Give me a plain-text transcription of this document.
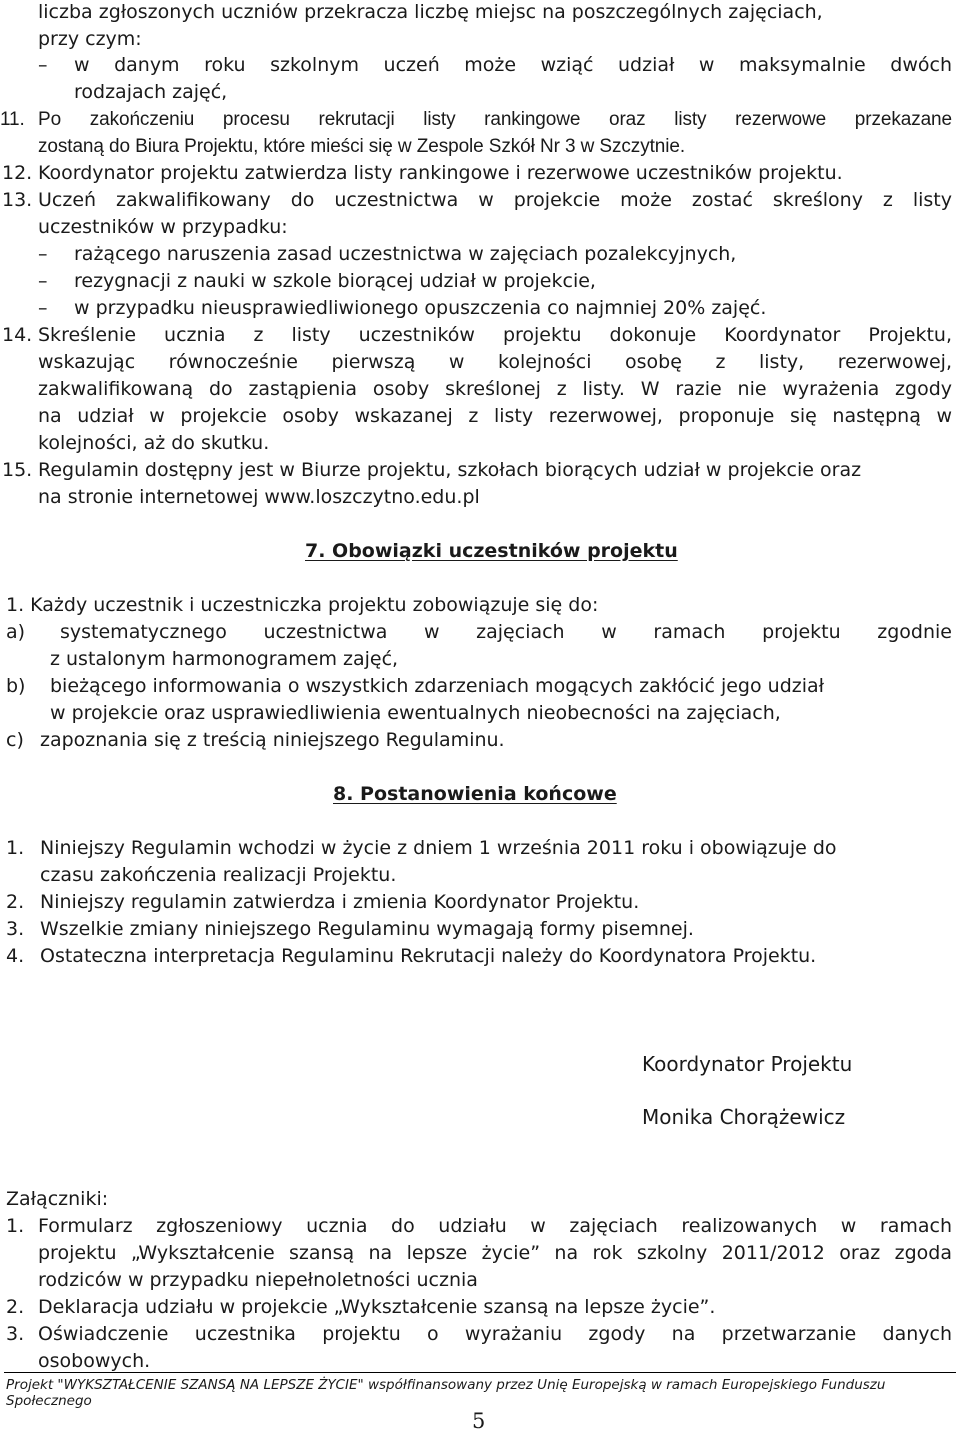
liczba zgłoszonych uczniów przekracza liczbę miejsc na poszczególnych zajęciach,
przy czym:
– w danym roku szkolnym uczeń może wziąć udział w maksymalnie dwóch
rodzajach zajęć,
11. Po zakończeniu procesu rekrutacji listy rankingowe oraz listy rezerwowe przekazane
zostaną do Biura Projektu, które mieści się w Zespole Szkół Nr 3 w Szczytnie.
12. Koordynator projektu zatwierdza listy rankingowe i rezerwowe uczestników projektu.
13. Uczeń zakwalifikowany do uczestnictwa w projekcie może zostać skreślony z listy
uczestników w przypadku:
– rażącego naruszenia zasad uczestnictwa w zajęciach pozalekcyjnych,
– rezygnacji z nauki w szkole biorącej udział w projekcie,
– w przypadku nieusprawiedliwionego opuszczenia co najmniej 20% zajęć.
14. Skreślenie ucznia z listy uczestników projektu dokonuje Koordynator Projektu,
wskazując równocześnie pierwszą w kolejności osobę z listy, rezerwowej,
zakwalifikowaną do zastąpienia osoby skreślonej z listy. W razie nie wyrażenia zgody
na udział w projekcie osoby wskazanej z listy rezerwowej, proponuje się następną w
kolejności, aż do skutku.
15. Regulamin dostępny jest w Biurze projektu, szkołach biorących udział w projekcie oraz
na stronie internetowej www.loszczytno.edu.pl
7. Obowiązki uczestników projektu
1. Każdy uczestnik i uczestniczka projektu zobowiązuje się do:
a) systematycznego uczestnictwa w zajęciach w ramach projektu zgodnie
z ustalonym harmonogramem zajęć,
b) bieżącego informowania o wszystkich zdarzeniach mogących zakłócić jego udział
w projekcie oraz usprawiedliwienia ewentualnych nieobecności na zajęciach,
c) zapoznania się z treścią niniejszego Regulaminu.
8. Postanowienia końcowe
1. Niniejszy Regulamin wchodzi w życie z dniem 1 września 2011 roku i obowiązuje do
czasu zakończenia realizacji Projektu.
2. Niniejszy regulamin zatwierdza i zmienia Koordynator Projektu.
3. Wszelkie zmiany niniejszego Regulaminu wymagają formy pisemnej.
4. Ostateczna interpretacja Regulaminu Rekrutacji należy do Koordynatora Projektu.
Koordynator Projektu
Monika Chorążewicz
Załączniki:
1. Formularz zgłoszeniowy ucznia do udziału w zajęciach realizowanych w ramach
projektu „Wykształcenie szansą na lepsze życie” na rok szkolny 2011/2012 oraz zgoda
rodziców w przypadku niepełnoletności ucznia
2. Deklaracja udziału w projekcie „Wykształcenie szansą na lepsze życie”.
3. Oświadczenie uczestnika projektu o wyrażaniu zgody na przetwarzanie danych
osobowych.
Projekt "WYKSZTAŁCENIE SZANSĄ NA LEPSZE ŻYCIE" współfinansowany przez Unię Europejską w ramach Europejskiego Funduszu Społecznego
5
